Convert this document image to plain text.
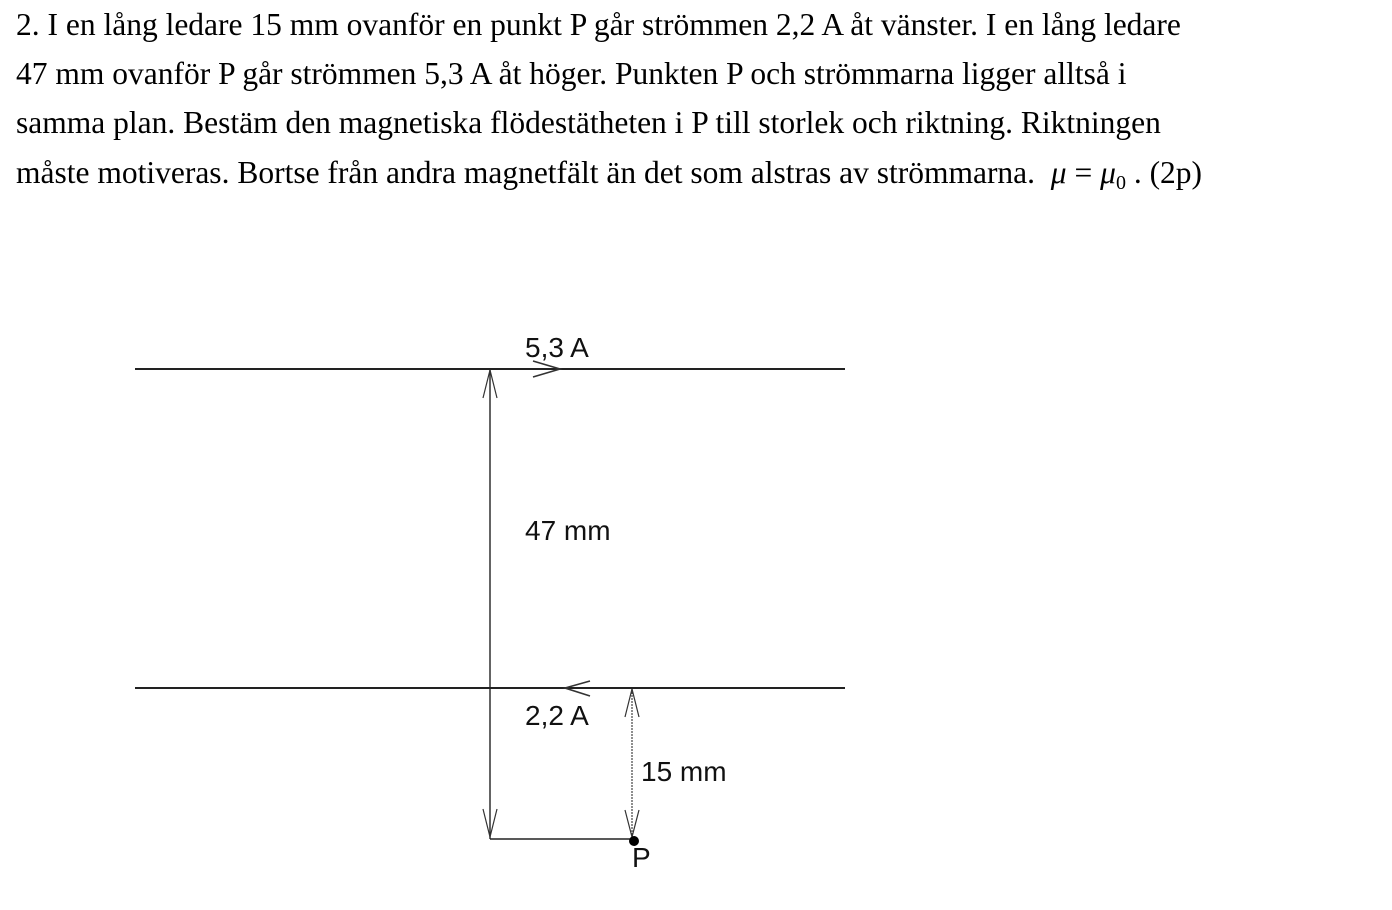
2. I en lång ledare 15 mm ovanför en punkt P går strömmen 2,2 A åt vänster. I en lång ledare
47 mm ovanför P går strömmen 5,3 A åt höger. Punkten P och strömmarna ligger alltså i
samma plan. Bestäm den magnetiska flödestätheten i P till storlek och riktning. Riktningen
måste motiveras. Bortse från andra magnetfält än det som alstras av strömmarna. μ = μ0 . (2p)
5,3 A
2,2 A
47 mm
15 mm
P
